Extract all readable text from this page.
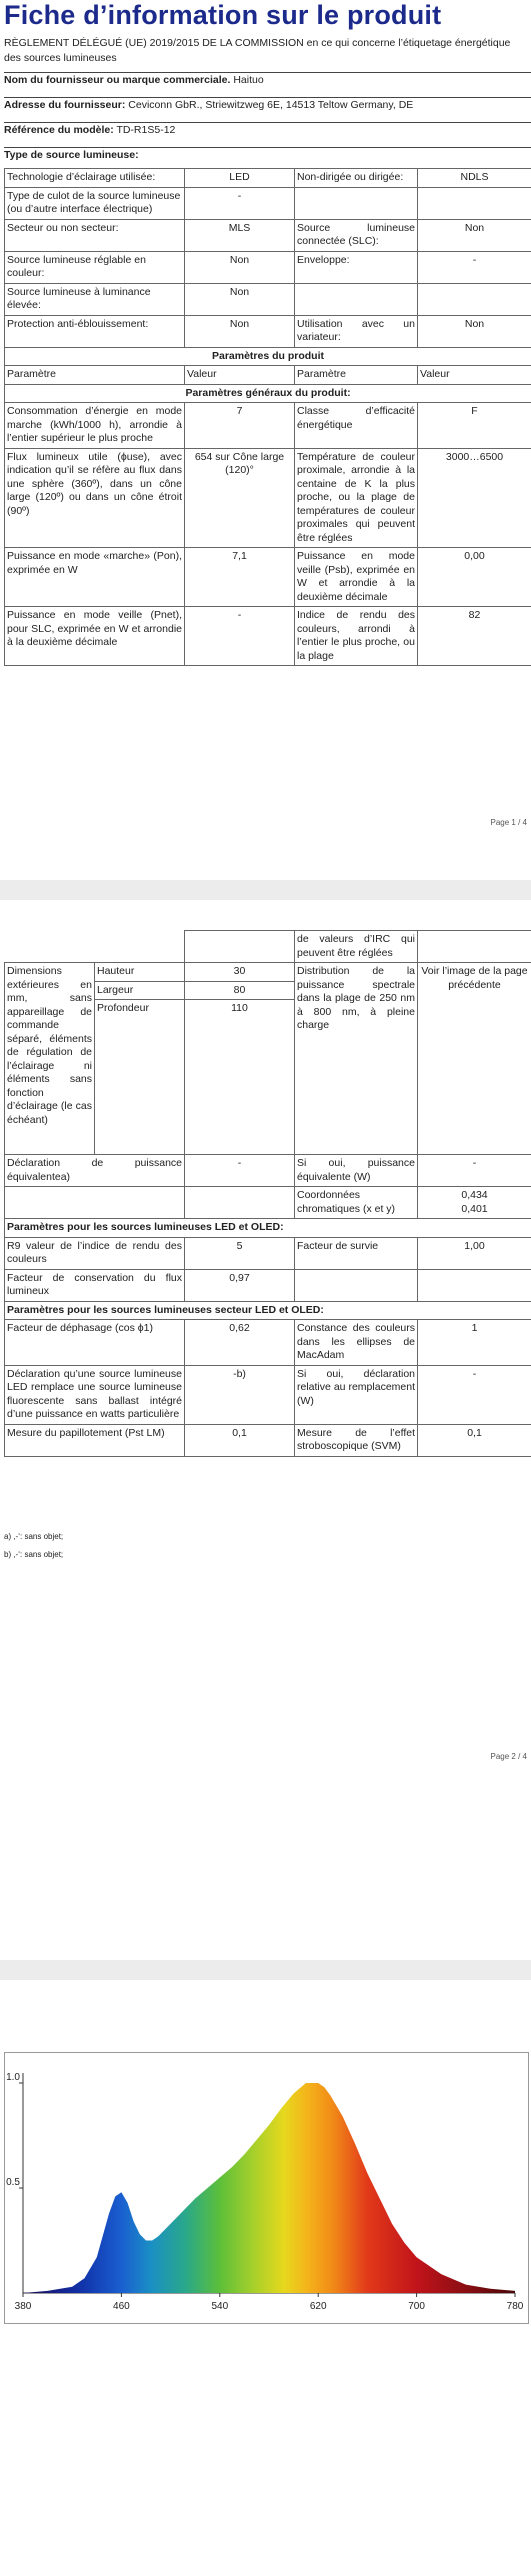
Fiche d’information sur le produit
RÈGLEMENT DÉLÉGUÉ (UE) 2019/2015 DE LA COMMISSION en ce qui concerne l’étiquetage énergétique des sources lumineuses
Nom du fournisseur ou marque commerciale. Haituo
Adresse du fournisseur: Ceviconn GbR., Striewitzweg 6E, 14513 Teltow Germany, DE
Référence du modèle: TD-R1S5-12
Type de source lumineuse:
Technologie d’éclairage utilisée:	LED	Non-dirigée ou dirigée:	NDLS
Type de culot de la source lumineuse (ou d’autre interface électrique)	-		
Secteur ou non secteur:	MLS	Source lumineuse connectée (SLC):	Non
Source lumineuse réglable en couleur:	Non	Enveloppe:	-
Source lumineuse à luminance élevée:	Non		
Protection anti-éblouissement:	Non	Utilisation avec un variateur:	Non
Paramètres du produit			
Paramètre	Valeur	Paramètre	Valeur
Paramètres généraux du produit:			
Consommation d’énergie en mode marche (kWh/1000 h), arrondie à l’entier supérieur le plus proche	7	Classe d’efficacité énergétique	F
Flux lumineux utile (ϕuse), avec indication qu’il se réfère au flux dans une sphère (360º), dans un cône large (120º) ou dans un cône étroit (90º)	654 sur Cône large (120)°	Température de couleur proximale, arrondie à la centaine de K la plus proche, ou la plage de températures de couleur proximales qui peuvent être réglées	3000…6500
Puissance en mode «marche» (Pon), exprimée en W	7,1	Puissance en mode veille (Psb), exprimée en W et arrondie à la deuxième décimale	0,00
Puissance en mode veille (Pnet), pour SLC, exprimée en W et arrondie à la deuxième décimale	-	Indice de rendu des couleurs, arrondi à l’entier le plus proche, ou la plage	82
Page 1 / 4
			de valeurs d’IRC qui peuvent être réglées	
Dimensions extérieures en mm, sans appareillage de commande séparé, éléments de régulation de l’éclairage ni éléments sans fonction d’éclairage (le cas échéant)	Hauteur	30	Distribution de la puissance spectrale dans la plage de 250 nm à 800 nm, à pleine charge	Voir l’image de la page précédente
	Largeur	80		
	Profondeur	110		
Déclaration de puissance équivalentea)		-	Si oui, puissance équivalente (W)	-
			Coordonnées chromatiques (x et y)	0,434
0,401
Paramètres pour les sources lumineuses LED et OLED:				
R9 valeur de l’indice de rendu des couleurs		5	Facteur de survie	1,00
Facteur de conservation du flux lumineux		0,97		
Paramètres pour les sources lumineuses secteur LED et OLED:				
Facteur de déphasage (cos ϕ1)		0,62	Constance des couleurs dans les ellipses de MacAdam	1
Déclaration qu’une source lumineuse LED remplace une source lumineuse fluorescente sans ballast intégré d’une puissance en watts particulière		-b)	Si oui, déclaration relative au remplacement (W)	-
Mesure du papillotement (Pst LM)		0,1	Mesure de l’effet stroboscopique (SVM)	0,1
a) ,-‘: sans objet;
b) ,-‘: sans objet;
Page 2 / 4
380	460	540	620	700	780
0.5
1.0
